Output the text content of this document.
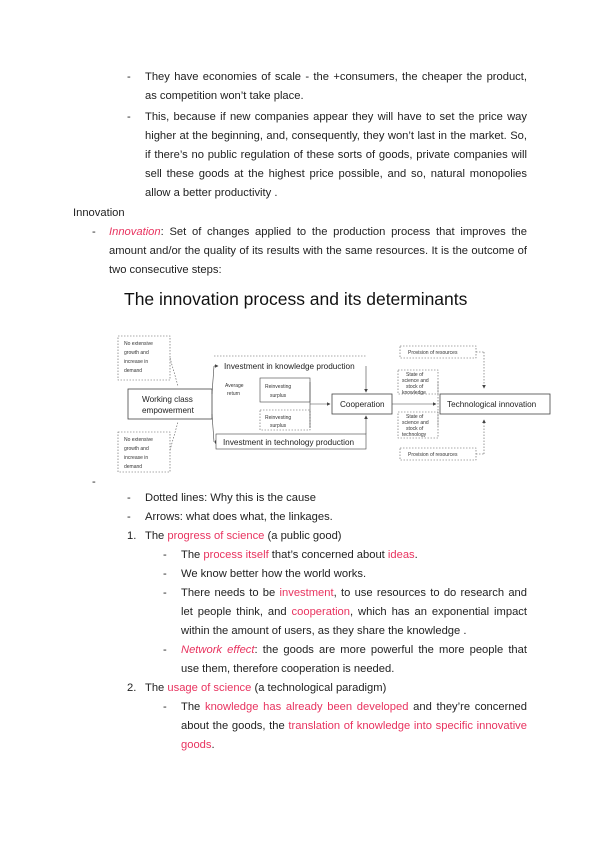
- They have economies of scale - the +consumers, the cheaper the product, as competition won’t take place.
- This, because if new companies appear they will have to set the price way higher at the beginning, and, consequently, they won’t last in the market. So, if there’s no public regulation of these sorts of goods, private companies will sell these goods at the highest price possible, and so, natural monopolies allow a better productivity .
Innovation
- Innovation: Set of changes applied to the production process that improves the amount and/or the quality of its results with the same resources. It is the outcome of two consecutive steps:
The innovation process and its determinants
No extensive
growth and
increase in
demand
No extensive
growth and
increase in
demand
Working class
empowerment
Investment in knowledge production
Investment in technology production
Average
return
Reinvesting
surplus
Reinvesting
surplus
Cooperation
State of
science and
stock of
knowledge
State of
science and
stock of
technology
Provision of resources
Provision of resources
Technological innovation
-
- Dotted lines: Why this is the cause
- Arrows: what does what, the linkages.
1. The progress of science (a public good)
- The process itself that’s concerned about ideas.
- We know better how the world works.
- There needs to be investment, to use resources to do research and let people think, and cooperation, which has an exponential impact within the amount of users, as they share the knowledge .
- Network effect: the goods are more powerful the more people that use them, therefore cooperation is needed.
2. The usage of science (a technological paradigm)
- The knowledge has already been developed and they’re concerned about the goods, the translation of knowledge into specific innovative goods.
